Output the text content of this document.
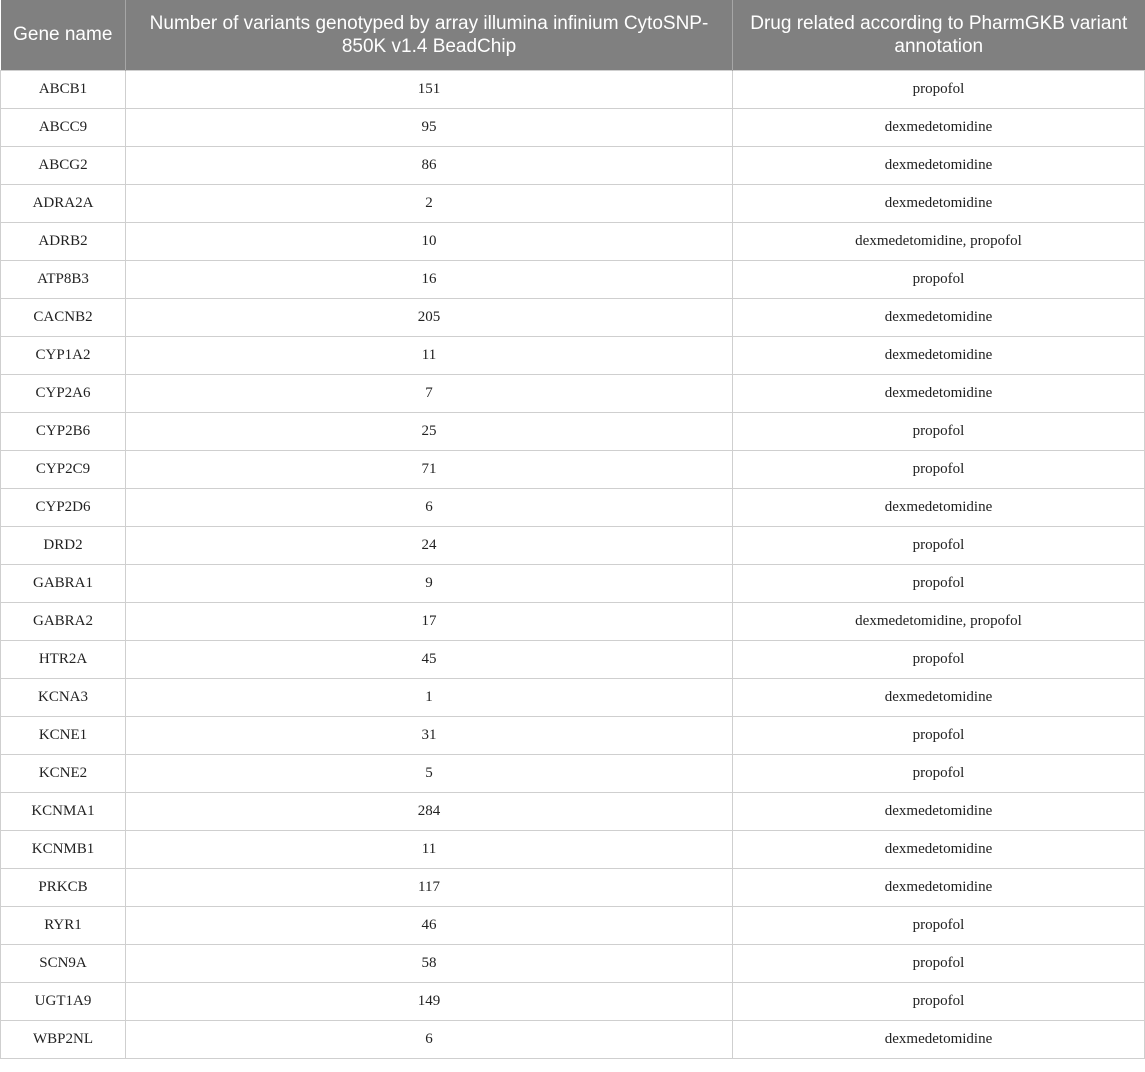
Gene name	Number of variants genotyped by array illumina infinium CytoSNP-850K v1.4 BeadChip	Drug related according to PharmGKB variant annotation
ABCB1	151	propofol
ABCC9	95	dexmedetomidine
ABCG2	86	dexmedetomidine
ADRA2A	2	dexmedetomidine
ADRB2	10	dexmedetomidine, propofol
ATP8B3	16	propofol
CACNB2	205	dexmedetomidine
CYP1A2	11	dexmedetomidine
CYP2A6	7	dexmedetomidine
CYP2B6	25	propofol
CYP2C9	71	propofol
CYP2D6	6	dexmedetomidine
DRD2	24	propofol
GABRA1	9	propofol
GABRA2	17	dexmedetomidine, propofol
HTR2A	45	propofol
KCNA3	1	dexmedetomidine
KCNE1	31	propofol
KCNE2	5	propofol
KCNMA1	284	dexmedetomidine
KCNMB1	11	dexmedetomidine
PRKCB	117	dexmedetomidine
RYR1	46	propofol
SCN9A	58	propofol
UGT1A9	149	propofol
WBP2NL	6	dexmedetomidine
